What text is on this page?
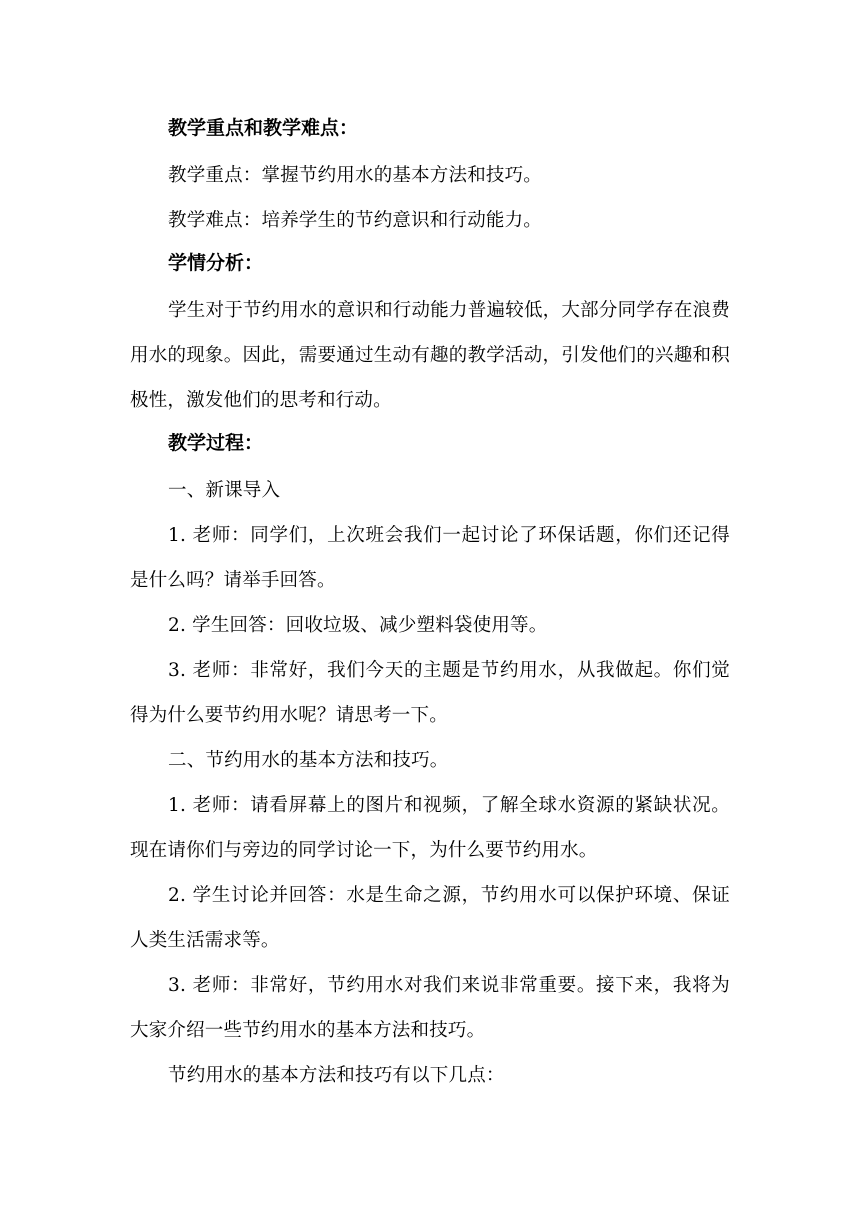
教学重点和教学难点：

教学重点：掌握节约用水的基本方法和技巧。

教学难点：培养学生的节约意识和行动能力。

学情分析：

学生对于节约用水的意识和行动能力普遍较低，大部分同学存在浪费用水的现象。因此，需要通过生动有趣的教学活动，引发他们的兴趣和积极性，激发他们的思考和行动。

教学过程：

一、新课导入

1. 老师：同学们，上次班会我们一起讨论了环保话题，你们还记得是什么吗？请举手回答。

2. 学生回答：回收垃圾、减少塑料袋使用等。

3. 老师：非常好，我们今天的主题是节约用水，从我做起。你们觉得为什么要节约用水呢？请思考一下。

二、节约用水的基本方法和技巧。

1. 老师：请看屏幕上的图片和视频，了解全球水资源的紧缺状况。现在请你们与旁边的同学讨论一下，为什么要节约用水。

2. 学生讨论并回答：水是生命之源，节约用水可以保护环境、保证人类生活需求等。

3. 老师：非常好，节约用水对我们来说非常重要。接下来，我将为大家介绍一些节约用水的基本方法和技巧。

节约用水的基本方法和技巧有以下几点：
